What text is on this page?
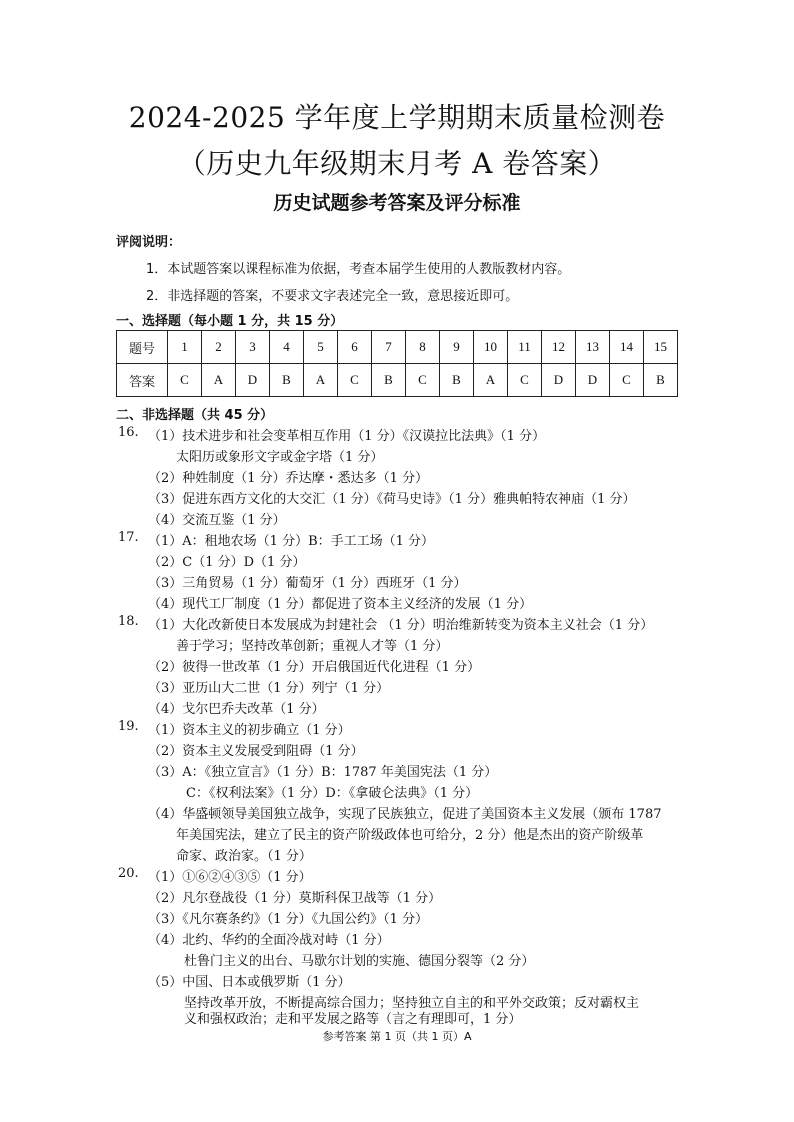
2024-2025 学年度上学期期末质量检测卷
（历史九年级期末月考 A 卷答案）
历史试题参考答案及评分标准
评阅说明：
1．本试题答案以课程标准为依据，考查本届学生使用的人教版教材内容。
2．非选择题的答案，不要求文字表述完全一致，意思接近即可。
一、选择题（每小题 1 分，共 15 分）
题号	1	2	3	4	5	6	7	8	9	10	11	12	13	14	15
答案	C	A	D	B	A	C	B	C	B	A	C	D	D	C	B
二、非选择题（共 45 分）
16. （1）技术进步和社会变革相互作用（1 分）《汉谟拉比法典》（1 分）
太阳历或象形文字或金字塔（1 分）
（2）种姓制度（1 分）乔达摩・悉达多（1 分）
（3）促进东西方文化的大交汇（1 分）《荷马史诗》（1 分）雅典帕特农神庙（1 分）
（4）交流互鉴（1 分）
17. （1）A：租地农场（1 分）B：手工工场（1 分）
（2）C（1 分）D（1 分）
（3）三角贸易（1 分）葡萄牙（1 分）西班牙（1 分）
（4）现代工厂制度（1 分）都促进了资本主义经济的发展（1 分）
18. （1）大化改新使日本发展成为封建社会 （1 分）明治维新转变为资本主义社会（1 分）
善于学习；坚持改革创新；重视人才等（1 分）
（2）彼得一世改革（1 分）开启俄国近代化进程（1 分）
（3）亚历山大二世（1 分）列宁（1 分）
（4）戈尔巴乔夫改革（1 分）
19. （1）资本主义的初步确立（1 分）
（2）资本主义发展受到阻碍（1 分）
（3）A：《独立宣言》（1 分）B：1787 年美国宪法（1 分）
C：《权利法案》（1 分）D：《拿破仑法典》（1 分）
（4）华盛顿领导美国独立战争，实现了民族独立，促进了美国资本主义发展（颁布 1787
年美国宪法，建立了民主的资产阶级政体也可给分，2 分）他是杰出的资产阶级革
命家、政治家。（1 分）
20. （1）①⑥②④③⑤（1 分）
（2）凡尔登战役（1 分）莫斯科保卫战等（1 分）
（3）《凡尔赛条约》（1 分）《九国公约》（1 分）
（4）北约、华约的全面冷战对峙（1 分）
杜鲁门主义的出台、马歇尔计划的实施、德国分裂等（2 分）
（5）中国、日本或俄罗斯（1 分）
坚持改革开放，不断提高综合国力；坚持独立自主的和平外交政策；反对霸权主
义和强权政治；走和平发展之路等（言之有理即可，1 分）
参考答案 第 1 页（共 1 页）A
